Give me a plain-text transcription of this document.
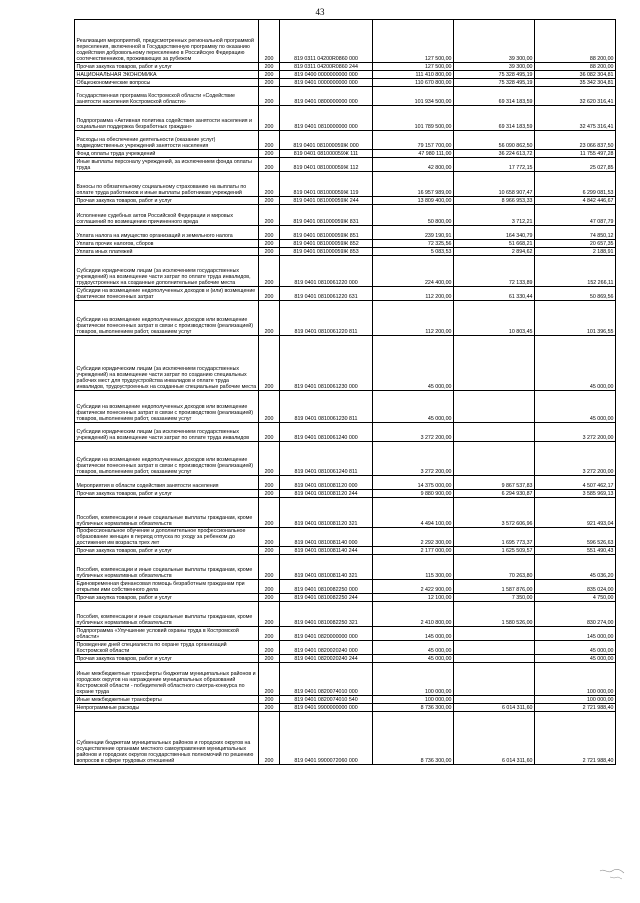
43
Реализация мероприятий, предусмотренных региональной программой переселения, включенной в Государственную программу по оказанию содействия добровольному переселению в Российскую Федерацию соотечественников, проживающих за рубежом	200	819 0311 04200R0860 000	127 500,00	39 300,00	88 200,00
Прочая закупка товаров, работ и услуг	200	819 0311 04200R0860 244	127 500,00	39 300,00	88 200,00
НАЦИОНАЛЬНАЯ ЭКОНОМИКА	200	819 0400 0000000000 000	111 410 800,00	75 328 495,19	36 082 304,81
Общеэкономические вопросы	200	819 0401 0000000000 000	110 670 800,00	75 328 495,19	35 342 304,81
Государственная программа Костромской области «Содействие занятости населения Костромской области»	200	819 0401 0800000000 000	101 934 500,00	69 314 183,59	32 620 316,41
Подпрограмма «Активная политика содействия занятости населения и социальная поддержка безработных граждан»	200	819 0401 0810000000 000	101 789 500,00	69 314 183,59	32 475 316,41
Расходы на обеспечение деятельности (оказание услуг) подведомственных учреждений занятости населения	200	819 0401 081000059Ж 000	79 157 700,00	56 090 862,50	23 066 837,50
Фонд оплаты труда учреждений	200	819 0401 081000059Ж 111	47 980 111,00	36 224 613,72	11 755 497,28
Иные выплаты персоналу учреждений, за исключением фонда оплаты труда	200	819 0401 081000059Ж 112	42 800,00	17 772,15	25 027,85
Взносы по обязательному социальному страхованию на выплаты по оплате труда работников и иные выплаты работникам учреждений	200	819 0401 081000059Ж 119	16 957 989,00	10 658 907,47	6 299 081,53
Прочая закупка товаров, работ и услуг	200	819 0401 081000059Ж 244	13 809 400,00	8 966 953,33	4 842 446,67
Исполнение судебных актов Российской Федерации и мировых соглашений по возмещению причиненного вреда	200	819 0401 081000059Ж 831	50 800,00	3 712,21	47 087,79
Уплата налога на имущество организаций и земельного налога	200	819 0401 081000059Ж 851	239 190,91	164 340,79	74 850,12
Уплата прочих налогов, сборов	200	819 0401 081000059Ж 852	72 325,56	51 668,21	20 657,35
Уплата иных платежей	200	819 0401 081000059Ж 853	5 083,53	2 894,62	2 188,91
Субсидии юридическим лицам (за исключением государственных учреждений) на возмещение части затрат по оплате труда инвалидов, трудоустроенных на созданные дополнительные рабочие места	200	819 0401 0810061220 000	224 400,00	72 133,89	152 266,11
Субсидии на возмещение недополученных доходов и (или) возмещение фактически понесенных затрат	200	819 0401 0810061220 631	112 200,00	61 330,44	50 869,56
Субсидии на возмещение недополученных доходов или возмещение фактически понесенных затрат в связи с производством (реализацией) товаров, выполнением работ, оказанием услуг	200	819 0401 0810061220 811	112 200,00	10 803,45	101 396,55
Субсидии юридическим лицам (за исключением государственных учреждений) на возмещение части затрат по созданию специальных рабочих мест для трудоустройства инвалидов и оплате труда инвалидов, трудоустроенных на созданные специальные рабочие места	200	819 0401 0810061230 000	45 000,00		45 000,00
Субсидии на возмещение недополученных доходов или возмещение фактически понесенных затрат в связи с производством (реализацией) товаров, выполнением работ, оказанием услуг	200	819 0401 0810061230 811	45 000,00		45 000,00
Субсидии юридическим лицам (за исключением государственных учреждений) на возмещение части затрат по оплате труда инвалидов	200	819 0401 0810061240 000	3 272 200,00		3 272 200,00
Субсидии на возмещение недополученных доходов или возмещение фактически понесенных затрат в связи с производством (реализацией) товаров, выполнением работ, оказанием услуг	200	819 0401 0810061240 811	3 272 200,00		3 272 200,00
Мероприятия в области содействия занятости населения	200	819 0401 0810081120 000	14 375 000,00	9 867 537,83	4 507 462,17
Прочая закупка товаров, работ и услуг	200	819 0401 0810081120 244	9 880 900,00	6 294 930,87	3 585 969,13
Пособия, компенсации и иные социальные выплаты гражданам, кроме публичных нормативных обязательств	200	819 0401 0810081120 321	4 494 100,00	3 572 606,96	921 493,04
Профессиональное обучение и дополнительное профессиональное образование женщин в период отпуска по уходу за ребенком до достижения им возраста трех лет	200	819 0401 0810081140 000	2 292 300,00	1 695 773,37	596 526,63
Прочая закупка товаров, работ и услуг	200	819 0401 0810081140 244	2 177 000,00	1 625 509,57	551 490,43
Пособия, компенсации и иные социальные выплаты гражданам, кроме публичных нормативных обязательств	200	819 0401 0810081140 321	115 300,00	70 263,80	45 036,20
Единовременная финансовая помощь безработным гражданам при открытии ими собственного дела	200	819 0401 0810082250 000	2 422 900,00	1 587 876,00	835 024,00
Прочая закупка товаров, работ и услуг	200	819 0401 0810082250 244	12 100,00	7 350,00	4 750,00
Пособия, компенсации и иные социальные выплаты гражданам, кроме публичных нормативных обязательств	200	819 0401 0810082250 321	2 410 800,00	1 580 526,00	830 274,00
Подпрограмма «Улучшение условий охраны труда в Костромской области»	200	819 0401 0820000000 000	145 000,00		145 000,00
Проведение дней специалиста по охране труда организаций Костромской области	200	819 0401 0820020240 000	45 000,00		45 000,00
Прочая закупка товаров, работ и услуг	200	819 0401 0820020240 244	45 000,00		45 000,00
Иные межбюджетные трансферты бюджетам муниципальных районов и городских округов на награждение муниципальных образований Костромской области - победителей областного смотра-конкурса по охране труда	200	819 0401 0820074010 000	100 000,00		100 000,00
Иные межбюджетные трансферты	200	819 0401 0820074010 540	100 000,00		100 000,00
Непрограммные расходы	200	819 0401 9900000000 000	8 736 300,00	6 014 311,60	2 721 988,40
Субвенции бюджетам муниципальных районов и городских округов на осуществление органами местного самоуправления муниципальных районов и городских округов государственных полномочий по решению вопросов в сфере трудовых отношений	200	819 0401 9900072060 000	8 736 300,00	6 014 311,60	2 721 988,40
